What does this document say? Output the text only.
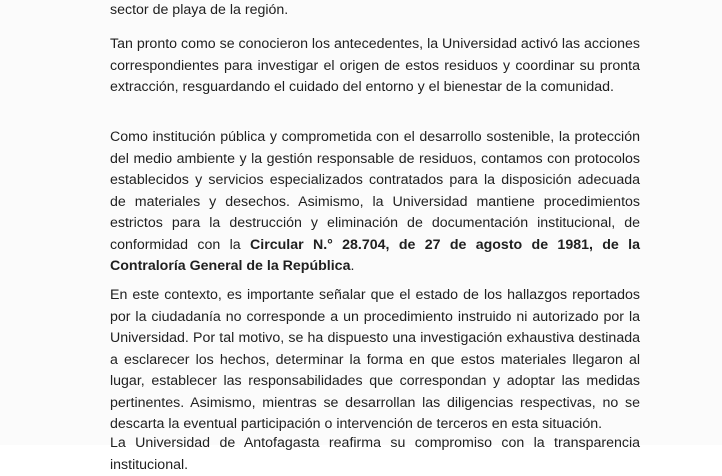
sector de playa de la región.

Tan pronto como se conocieron los antecedentes, la Universidad activó las acciones correspondientes para investigar el origen de estos residuos y coordinar su pronta extracción, resguardando el cuidado del entorno y el bienestar de la comunidad.

Como institución pública y comprometida con el desarrollo sostenible, la protección del medio ambiente y la gestión responsable de residuos, contamos con protocolos establecidos y servicios especializados contratados para la disposición adecuada de materiales y desechos. Asimismo, la Universidad mantiene procedimientos estrictos para la destrucción y eliminación de documentación institucional, de conformidad con la Circular N.° 28.704, de 27 de agosto de 1981, de la Contraloría General de la República.

En este contexto, es importante señalar que el estado de los hallazgos reportados por la ciudadanía no corresponde a un procedimiento instruido ni autorizado por la Universidad. Por tal motivo, se ha dispuesto una investigación exhaustiva destinada a esclarecer los hechos, determinar la forma en que estos materiales llegaron al lugar, establecer las responsabilidades que correspondan y adoptar las medidas pertinentes. Asimismo, mientras se desarrollan las diligencias respectivas, no se descarta la eventual participación o intervención de terceros en esta situación.

La Universidad de Antofagasta reafirma su compromiso con la transparencia institucional.
